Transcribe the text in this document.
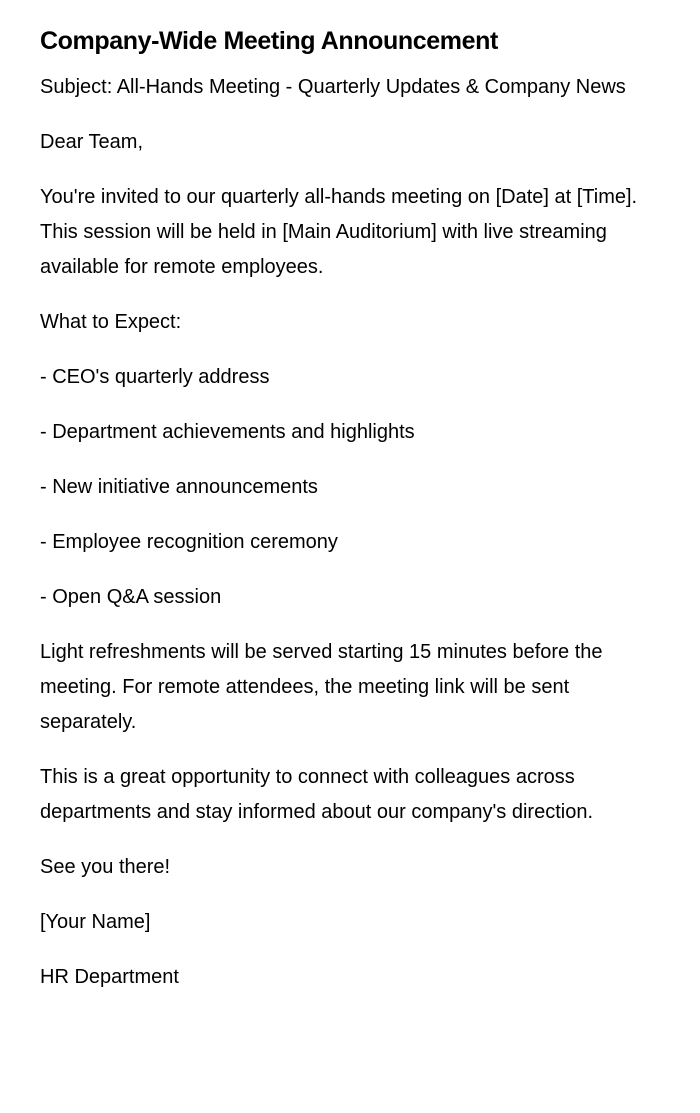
Company-Wide Meeting Announcement

Subject: All-Hands Meeting - Quarterly Updates & Company News

Dear Team,

You're invited to our quarterly all-hands meeting on [Date] at [Time]. This session will be held in [Main Auditorium] with live streaming available for remote employees.

What to Expect:

- CEO's quarterly address

- Department achievements and highlights

- New initiative announcements

- Employee recognition ceremony

- Open Q&A session

Light refreshments will be served starting 15 minutes before the meeting. For remote attendees, the meeting link will be sent separately.

This is a great opportunity to connect with colleagues across departments and stay informed about our company's direction.

See you there!

[Your Name]

HR Department
